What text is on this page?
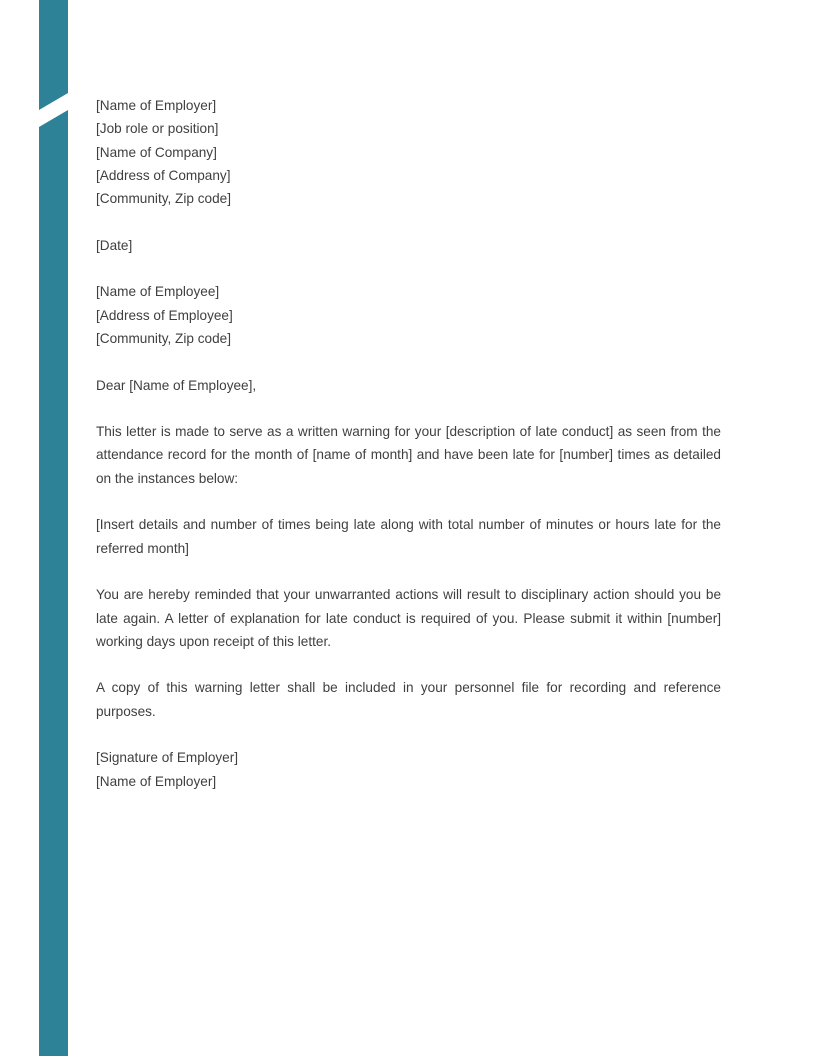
[Name of Employer]
[Job role or position]
[Name of Company]
[Address of Company]
[Community, Zip code]
[Date]
[Name of Employee]
[Address of Employee]
[Community, Zip code]
Dear [Name of Employee],

This letter is made to serve as a written warning for your [description of late conduct] as seen from the attendance record for the month of [name of month] and have been late for [number] times as detailed on the instances below:

[Insert details and number of times being late along with total number of minutes or hours late for the referred month]

You are hereby reminded that your unwarranted actions will result to disciplinary action should you be late again. A letter of explanation for late conduct is required of you. Please submit it within [number] working days upon receipt of this letter.

A copy of this warning letter shall be included in your personnel file for recording and reference purposes.

[Signature of Employer]
[Name of Employer]
